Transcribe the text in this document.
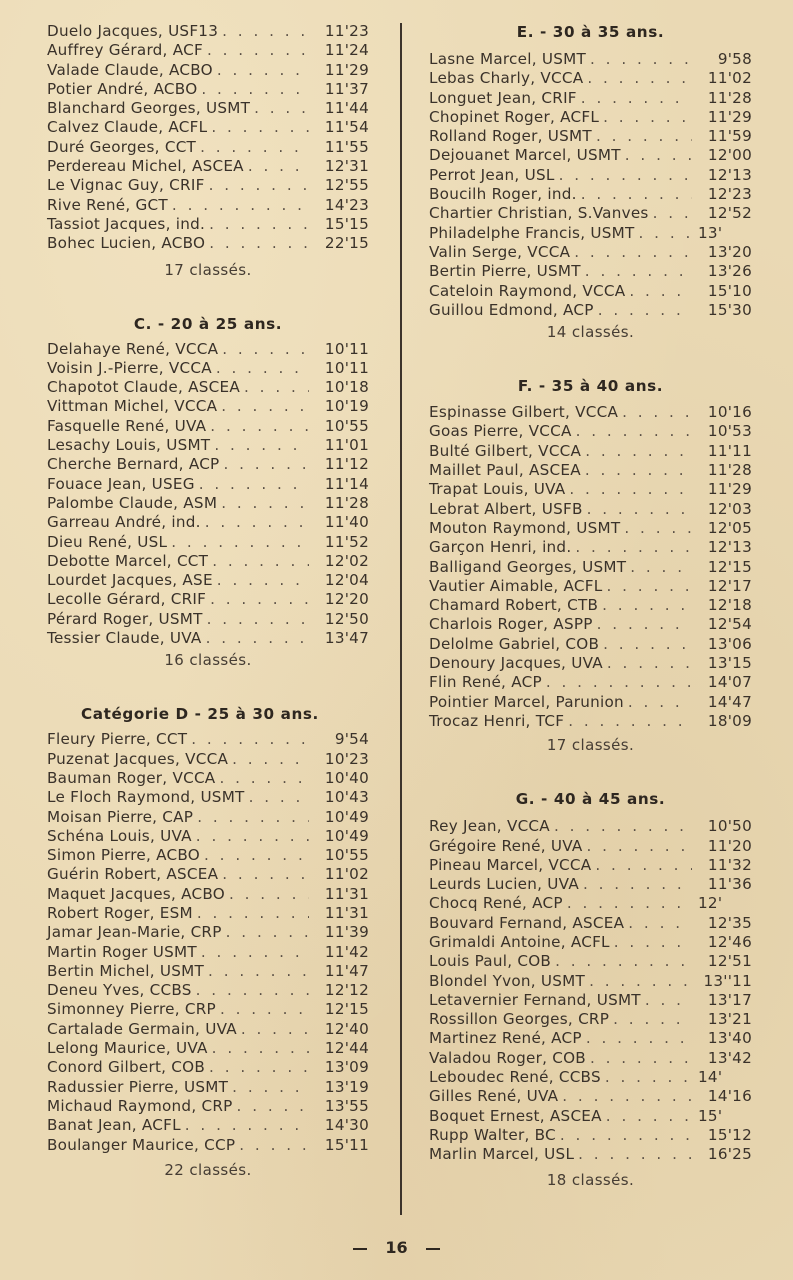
Duelo Jacques, USF13 . . .	11'23
Auffrey Gérard, ACF . . .	11'24
Valade Claude, ACBO . . .	11'29
Potier André, ACBO . . .	11'37
Blanchard Georges, USMT . . .	11'44
Calvez Claude, ACFL . . .	11'54
Duré Georges, CCT . . .	11'55
Perdereau Michel, ASCEA . . .	12'31
Le Vignac Guy, CRIF . . .	12'55
Rive René, GCT . . .	14'23
Tassiot Jacques, ind. . . .	15'15
Bohec Lucien, ACBO . . .	22'15
17 classés.
C. - 20 à 25 ans.
Delahaye René, VCCA . . .	10'11
Voisin J.-Pierre, VCCA . . .	10'11
Chapotot Claude, ASCEA . . .	10'18
Vittman Michel, VCCA . . .	10'19
Fasquelle René, UVA . . .	10'55
Lesachy Louis, USMT . . .	11'01
Cherche Bernard, ACP . . .	11'12
Fouace Jean, USEG . . .	11'14
Palombe Claude, ASM . . .	11'28
Garreau André, ind. . . .	11'40
Dieu René, USL . . .	11'52
Debotte Marcel, CCT . . .	12'02
Lourdet Jacques, ASE . . .	12'04
Lecolle Gérard, CRIF . . .	12'20
Pérard Roger, USMT . . .	12'50
Tessier Claude, UVA . . .	13'47
16 classés.
Catégorie D - 25 à 30 ans.
Fleury Pierre, CCT . . .	9'54
Puzenat Jacques, VCCA . . .	10'23
Bauman Roger, VCCA . . .	10'40
Le Floch Raymond, USMT . . .	10'43
Moisan Pierre, CAP . . .	10'49
Schéna Louis, UVA . . .	10'49
Simon Pierre, ACBO . . .	10'55
Guérin Robert, ASCEA . . .	11'02
Maquet Jacques, ACBO . . .	11'31
Robert Roger, ESM . . .	11'31
Jamar Jean-Marie, CRP . . .	11'39
Martin Roger USMT . . .	11'42
Bertin Michel, USMT . . .	11'47
Deneu Yves, CCBS . . .	12'12
Simonney Pierre, CRP . . .	12'15
Cartalade Germain, UVA . . .	12'40
Lelong Maurice, UVA . . .	12'44
Conord Gilbert, COB . . .	13'09
Radussier Pierre, USMT . . .	13'19
Michaud Raymond, CRP . . .	13'55
Banat Jean, ACFL . . .	14'30
Boulanger Maurice, CCP . . .	15'11
22 classés.
E. - 30 à 35 ans.
Lasne Marcel, USMT . . .	9'58
Lebas Charly, VCCA . . .	11'02
Longuet Jean, CRIF . . .	11'28
Chopinet Roger, ACFL . . .	11'29
Rolland Roger, USMT . . .	11'59
Dejouanet Marcel, USMT . . .	12'00
Perrot Jean, USL . . .	12'13
Boucilh Roger, ind. . . .	12'23
Chartier Christian, S.Vanves . . .	12'52
Philadelphe Francis, USMT . . .	13'
Valin Serge, VCCA . . .	13'20
Bertin Pierre, USMT . . .	13'26
Cateloin Raymond, VCCA . . .	15'10
Guillou Edmond, ACP . . .	15'30
14 classés.
F. - 35 à 40 ans.
Espinasse Gilbert, VCCA . . .	10'16
Goas Pierre, VCCA . . .	10'53
Bulté Gilbert, VCCA . . .	11'11
Maillet Paul, ASCEA . . .	11'28
Trapat Louis, UVA . . .	11'29
Lebrat Albert, USFB . . .	12'03
Mouton Raymond, USMT . . .	12'05
Garçon Henri, ind. . . .	12'13
Balligand Georges, USMT . . .	12'15
Vautier Aimable, ACFL . . .	12'17
Chamard Robert, CTB . . .	12'18
Charlois Roger, ASPP . . .	12'54
Delolme Gabriel, COB . . .	13'06
Denoury Jacques, UVA . . .	13'15
Flin René, ACP . . .	14'07
Pointier Marcel, Parunion . . .	14'47
Trocaz Henri, TCF . . .	18'09
17 classés.
G. - 40 à 45 ans.
Rey Jean, VCCA . . .	10'50
Grégoire René, UVA . . .	11'20
Pineau Marcel, VCCA . . .	11'32
Leurds Lucien, UVA . . .	11'36
Chocq René, ACP . . .	12'
Bouvard Fernand, ASCEA . . .	12'35
Grimaldi Antoine, ACFL . . .	12'46
Louis Paul, COB . . .	12'51
Blondel Yvon, USMT . . .	13''11
Letavernier Fernand, USMT . . .	13'17
Rossillon Georges, CRP . . .	13'21
Martinez René, ACP . . .	13'40
Valadou Roger, COB . . .	13'42
Leboudec René, CCBS . . .	14'
Gilles René, UVA . . .	14'16
Boquet Ernest, ASCEA . . .	15'
Rupp Walter, BC . . .	15'12
Marlin Marcel, USL . . .	16'25
18 classés.
16
